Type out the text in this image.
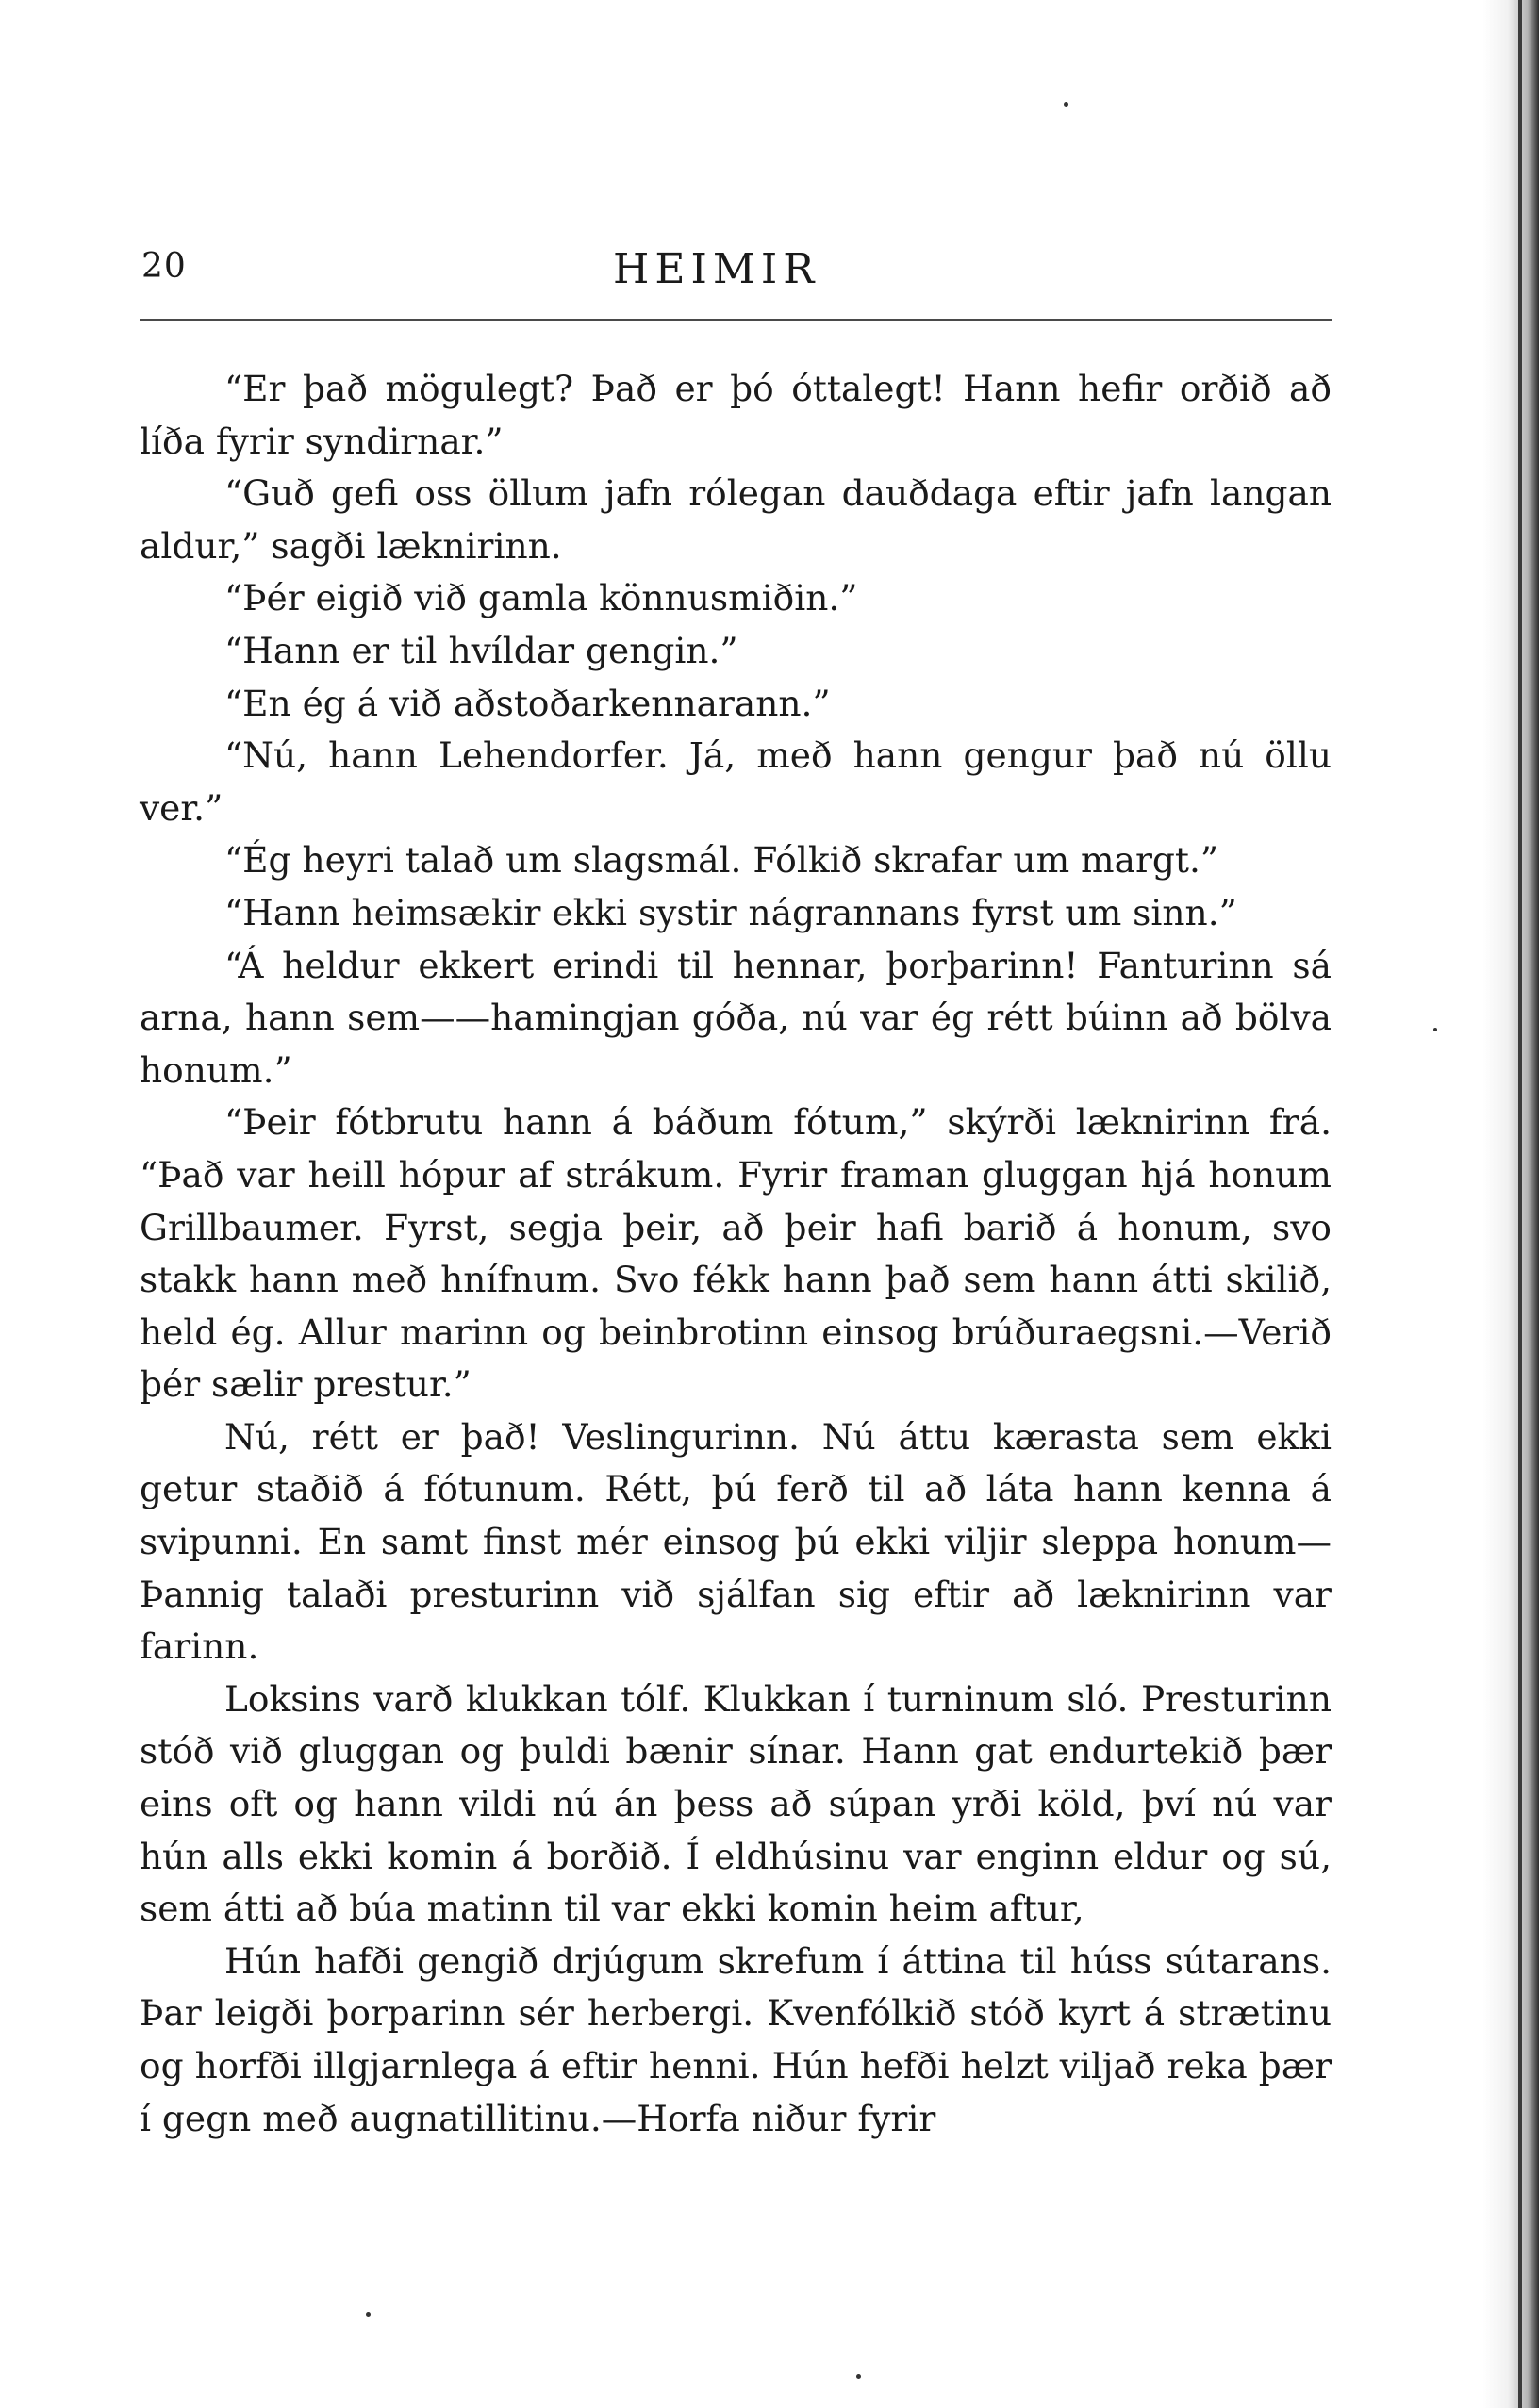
20	HEIMIR

“Er það mögulegt? Það er þó óttalegt! Hann hefir orðið að líða fyrir syndirnar.”

“Guð gefi oss öllum jafn rólegan dauðdaga eftir jafn langan aldur,” sagði læknirinn.

“Þér eigið við gamla könnusmiðin.”

“Hann er til hvíldar gengin.”

“En ég á við aðstoðarkennarann.”

“Nú, hann Lehendorfer. Já, með hann gengur það nú öllu ver.”

“Ég heyri talað um slagsmál. Fólkið skrafar um margt.”

“Hann heimsækir ekki systir nágrannans fyrst um sinn.”

“Á heldur ekkert erindi til hennar, þorþarinn! Fanturinn sá arna, hann sem——hamingjan góða, nú var ég rétt búinn að bölva honum.”

“Þeir fótbrutu hann á báðum fótum,” skýrði læknirinn frá. “Það var heill hópur af strákum. Fyrir framan gluggan hjá honum Grillbaumer. Fyrst, segja þeir, að þeir hafi barið á honum, svo stakk hann með hnífnum. Svo fékk hann það sem hann átti skilið, held ég. Allur marinn og beinbrotinn einsog brúðuraegsni.—Verið þér sælir prestur.”

Nú, rétt er það! Veslingurinn. Nú áttu kærasta sem ekki getur staðið á fótunum. Rétt, þú ferð til að láta hann kenna á svipunni. En samt finst mér einsog þú ekki viljir sleppa honum—Þannig talaði presturinn við sjálfan sig eftir að læknirinn var farinn.

Loksins varð klukkan tólf. Klukkan í turninum sló. Presturinn stóð við gluggan og þuldi bænir sínar. Hann gat endurtekið þær eins oft og hann vildi nú án þess að súpan yrði köld, því nú var hún alls ekki komin á borðið. Í eldhúsinu var enginn eldur og sú, sem átti að búa matinn til var ekki komin heim aftur,

Hún hafði gengið drjúgum skrefum í áttina til húss sútarans. Þar leigði þorparinn sér herbergi. Kvenfólkið stóð kyrt á strætinu og horfði illgjarnlega á eftir henni. Hún hefði helzt viljað reka þær í gegn með augnatillitinu.—Horfa niður fyrir
